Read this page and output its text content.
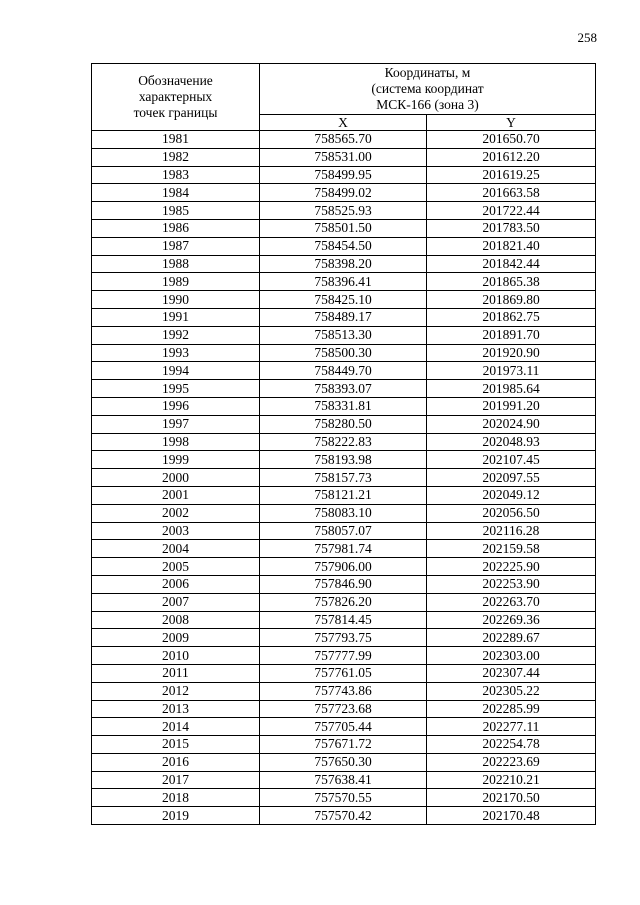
258
Обозначение
характерных
точек границы	Координаты, м
(система координат
МСК-166 (зона 3)	
	X	Y
1981	758565.70	201650.70
1982	758531.00	201612.20
1983	758499.95	201619.25
1984	758499.02	201663.58
1985	758525.93	201722.44
1986	758501.50	201783.50
1987	758454.50	201821.40
1988	758398.20	201842.44
1989	758396.41	201865.38
1990	758425.10	201869.80
1991	758489.17	201862.75
1992	758513.30	201891.70
1993	758500.30	201920.90
1994	758449.70	201973.11
1995	758393.07	201985.64
1996	758331.81	201991.20
1997	758280.50	202024.90
1998	758222.83	202048.93
1999	758193.98	202107.45
2000	758157.73	202097.55
2001	758121.21	202049.12
2002	758083.10	202056.50
2003	758057.07	202116.28
2004	757981.74	202159.58
2005	757906.00	202225.90
2006	757846.90	202253.90
2007	757826.20	202263.70
2008	757814.45	202269.36
2009	757793.75	202289.67
2010	757777.99	202303.00
2011	757761.05	202307.44
2012	757743.86	202305.22
2013	757723.68	202285.99
2014	757705.44	202277.11
2015	757671.72	202254.78
2016	757650.30	202223.69
2017	757638.41	202210.21
2018	757570.55	202170.50
2019	757570.42	202170.48
